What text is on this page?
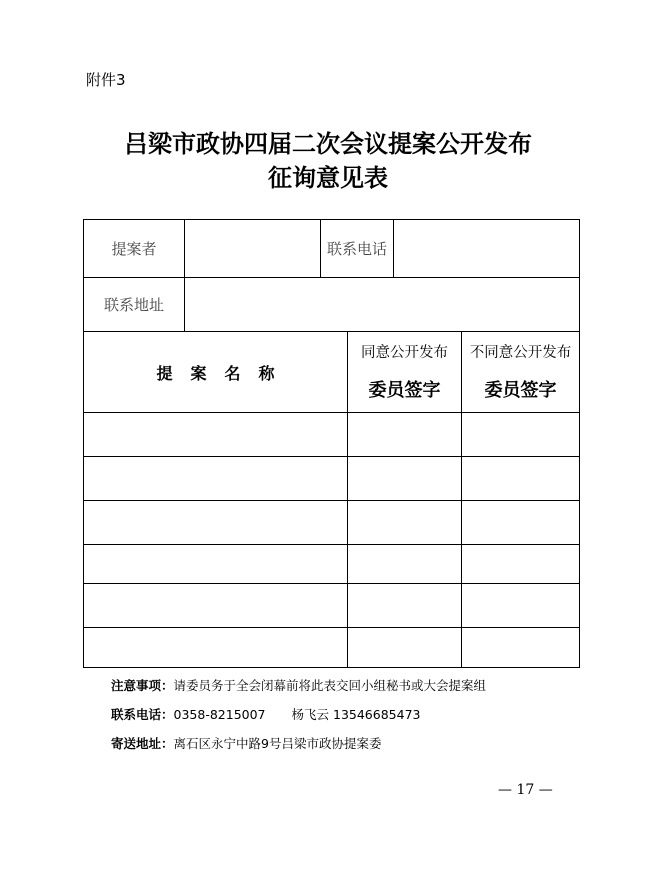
附件3
吕梁市政协四届二次会议提案公开发布
征询意见表
提案者	联系电话
联系地址
提案名称
同意公开发布
委员签字
不同意公开发布
委员签字
注意事项：请委员务于全会闭幕前将此表交回小组秘书或大会提案组
联系电话：0358-8215007 杨飞云 13546685473
寄送地址：离石区永宁中路9号吕梁市政协提案委
— 17 —
